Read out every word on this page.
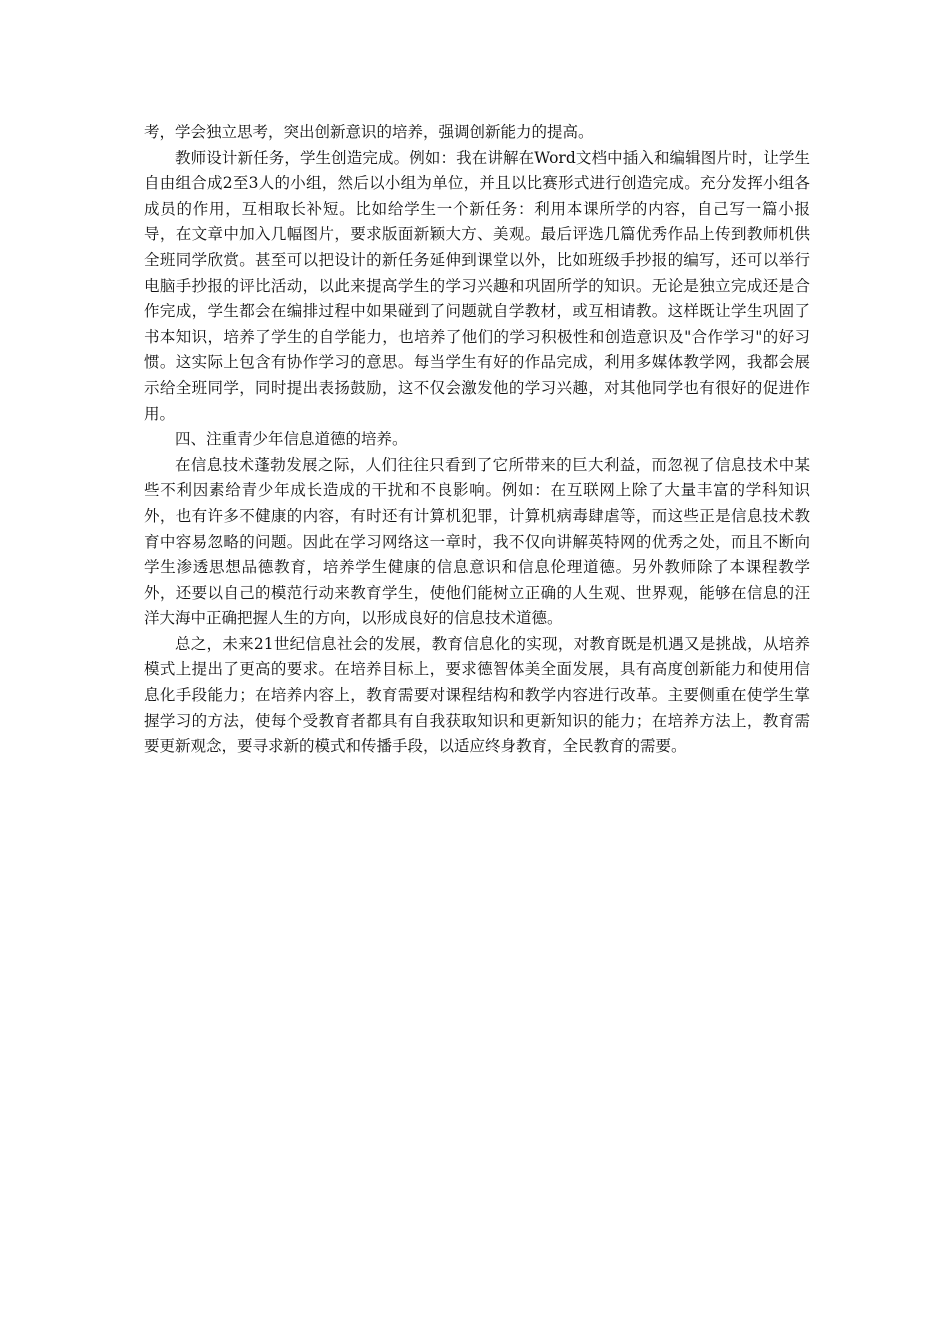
考，学会独立思考，突出创新意识的培养，强调创新能力的提高。

教师设计新任务，学生创造完成。例如：我在讲解在Word文档中插入和编辑图片时，让学生自由组合成2至3人的小组，然后以小组为单位，并且以比赛形式进行创造完成。充分发挥小组各成员的作用，互相取长补短。比如给学生一个新任务：利用本课所学的内容，自己写一篇小报导，在文章中加入几幅图片，要求版面新颖大方、美观。最后评选几篇优秀作品上传到教师机供全班同学欣赏。甚至可以把设计的新任务延伸到课堂以外，比如班级手抄报的编写，还可以举行电脑手抄报的评比活动，以此来提高学生的学习兴趣和巩固所学的知识。无论是独立完成还是合作完成，学生都会在编排过程中如果碰到了问题就自学教材，或互相请教。这样既让学生巩固了书本知识，培养了学生的自学能力，也培养了他们的学习积极性和创造意识及"合作学习"的好习惯。这实际上包含有协作学习的意思。每当学生有好的作品完成，利用多媒体教学网，我都会展示给全班同学，同时提出表扬鼓励，这不仅会激发他的学习兴趣，对其他同学也有很好的促进作用。

四、注重青少年信息道德的培养。

在信息技术蓬勃发展之际，人们往往只看到了它所带来的巨大利益，而忽视了信息技术中某些不利因素给青少年成长造成的干扰和不良影响。例如：在互联网上除了大量丰富的学科知识外，也有许多不健康的内容，有时还有计算机犯罪，计算机病毒肆虐等，而这些正是信息技术教育中容易忽略的问题。因此在学习网络这一章时，我不仅向讲解英特网的优秀之处，而且不断向学生渗透思想品德教育，培养学生健康的信息意识和信息伦理道德。另外教师除了本课程教学外，还要以自己的模范行动来教育学生，使他们能树立正确的人生观、世界观，能够在信息的汪洋大海中正确把握人生的方向，以形成良好的信息技术道德。

总之，未来21世纪信息社会的发展，教育信息化的实现，对教育既是机遇又是挑战，从培养模式上提出了更高的要求。在培养目标上，要求德智体美全面发展，具有高度创新能力和使用信息化手段能力；在培养内容上，教育需要对课程结构和教学内容进行改革。主要侧重在使学生掌握学习的方法，使每个受教育者都具有自我获取知识和更新知识的能力；在培养方法上，教育需要更新观念，要寻求新的模式和传播手段，以适应终身教育，全民教育的需要。
